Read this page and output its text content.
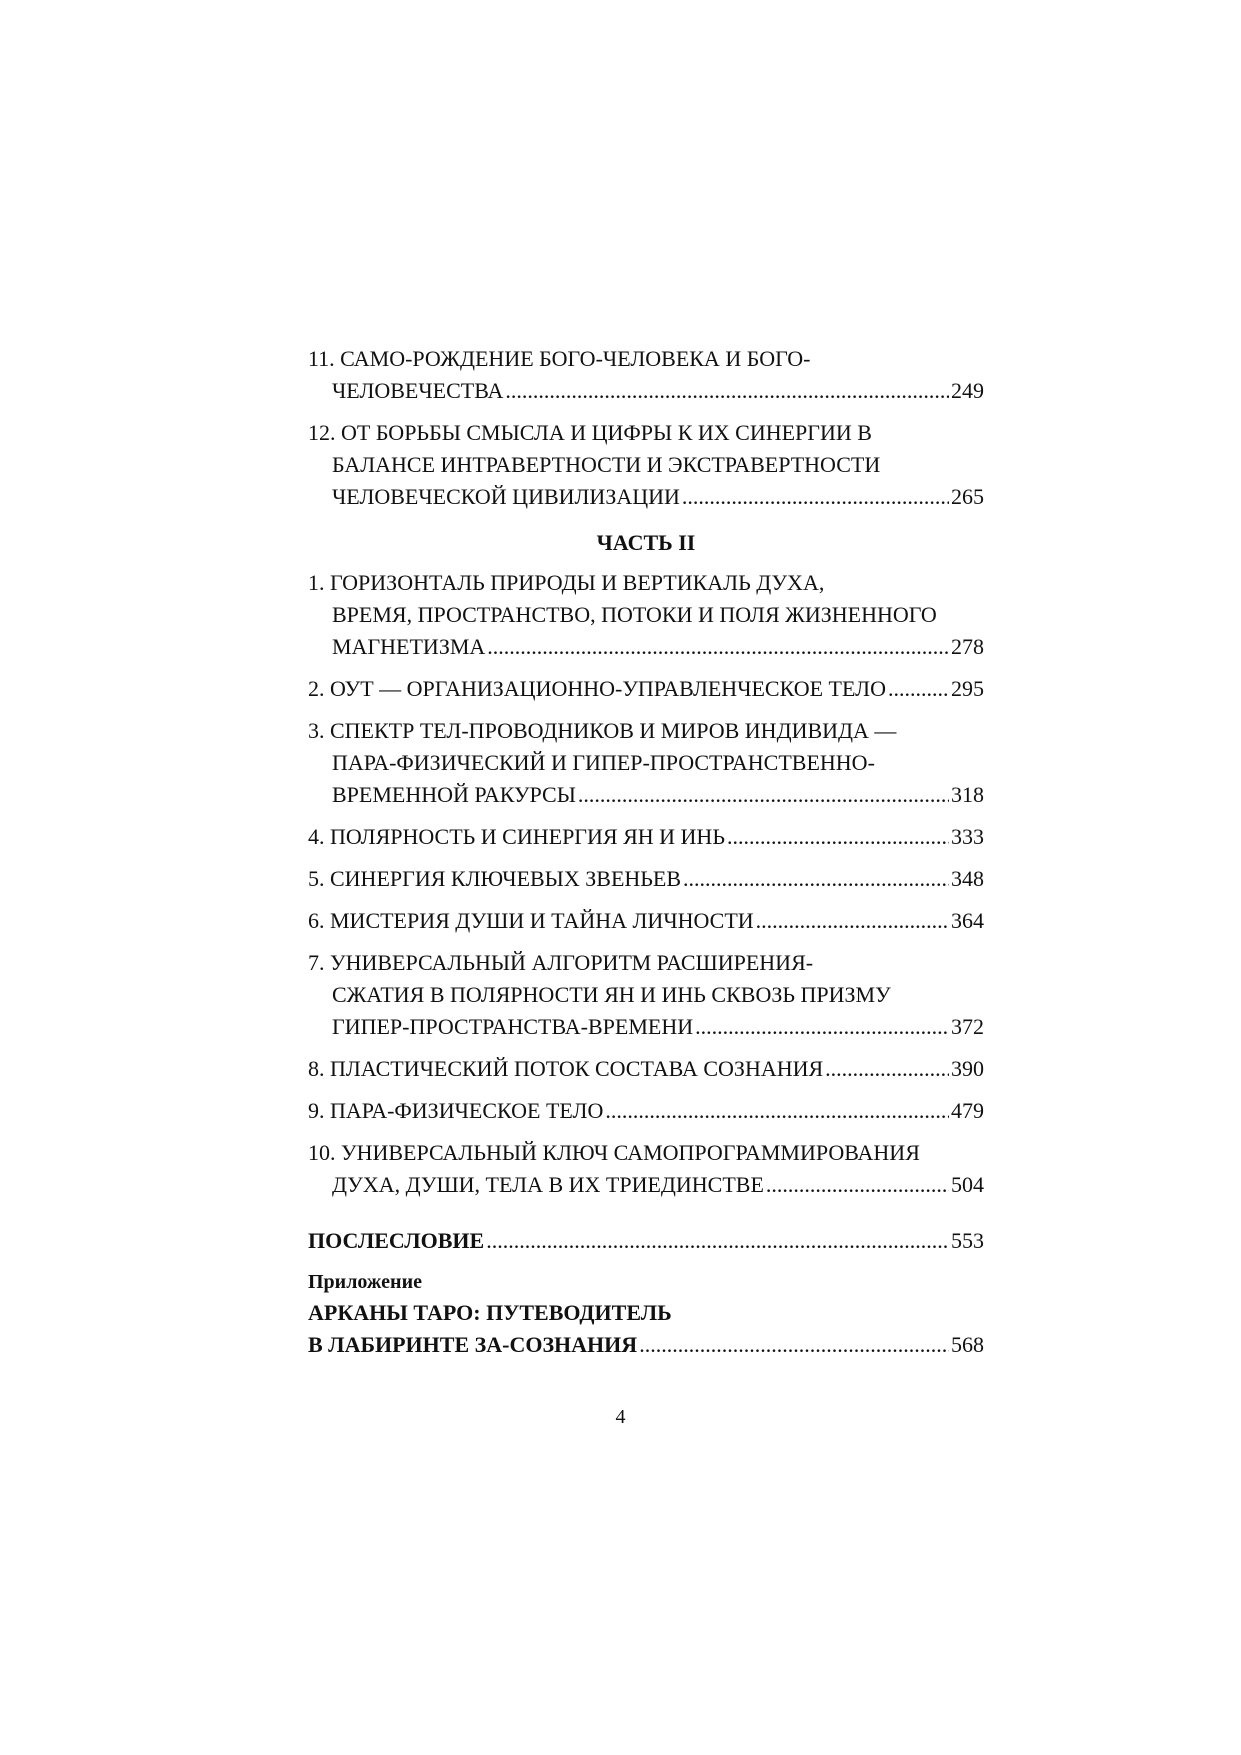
11. САМО-РОЖДЕНИЕ БОГО-ЧЕЛОВЕКА И БОГО-
ЧЕЛОВЕЧЕСТВА .....	249
12. ОТ БОРЬБЫ СМЫСЛА И ЦИФРЫ К ИХ СИНЕРГИИ В
БАЛАНСЕ ИНТРАВЕРТНОСТИ И ЭКСТРАВЕРТНОСТИ
ЧЕЛОВЕЧЕСКОЙ ЦИВИЛИЗАЦИИ .....	265
ЧАСТЬ II
1. ГОРИЗОНТАЛЬ ПРИРОДЫ И ВЕРТИКАЛЬ ДУХА,
ВРЕМЯ, ПРОСТРАНСТВО, ПОТОКИ И ПОЛЯ ЖИЗНЕННОГО
МАГНЕТИЗМА .....	278
2. ОУТ — ОРГАНИЗАЦИОННО-УПРАВЛЕНЧЕСКОЕ ТЕЛО .....	295
3. СПЕКТР ТЕЛ-ПРОВОДНИКОВ И МИРОВ ИНДИВИДА —
ПАРА-ФИЗИЧЕСКИЙ И ГИПЕР-ПРОСТРАНСТВЕННО-
ВРЕМЕННОЙ РАКУРСЫ .....	318
4. ПОЛЯРНОСТЬ И СИНЕРГИЯ ЯН И ИНЬ .....	333
5. СИНЕРГИЯ КЛЮЧЕВЫХ ЗВЕНЬЕВ .....	348
6. МИСТЕРИЯ ДУШИ И ТАЙНА ЛИЧНОСТИ .....	364
7. УНИВЕРСАЛЬНЫЙ АЛГОРИТМ РАСШИРЕНИЯ-
СЖАТИЯ В ПОЛЯРНОСТИ ЯН И ИНЬ СКВОЗЬ ПРИЗМУ
ГИПЕР-ПРОСТРАНСТВА-ВРЕМЕНИ .....	372
8. ПЛАСТИЧЕСКИЙ ПОТОК СОСТАВА СОЗНАНИЯ .....	390
9. ПАРА-ФИЗИЧЕСКОЕ ТЕЛО .....	479
10. УНИВЕРСАЛЬНЫЙ КЛЮЧ САМОПРОГРАММИРОВАНИЯ
ДУХА, ДУШИ, ТЕЛА В ИХ ТРИЕДИНСТВЕ .....	504
ПОСЛЕСЛОВИЕ .....	553
Приложение
АРКАНЫ ТАРО: ПУТЕВОДИТЕЛЬ
В ЛАБИРИНТЕ ЗА-СОЗНАНИЯ .....	568
4
